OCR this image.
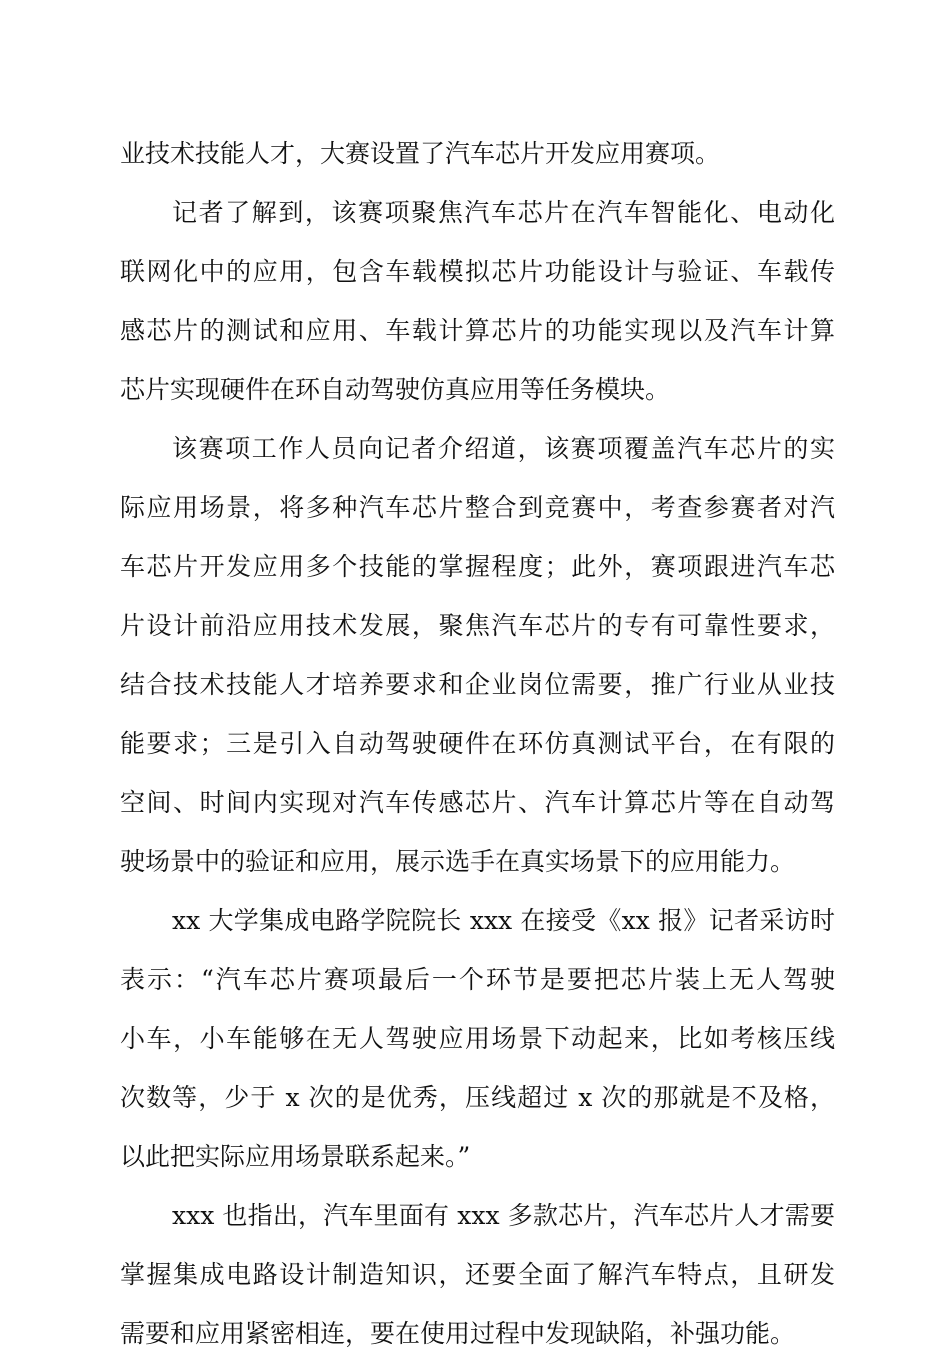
业技术技能人才，大赛设置了汽车芯片开发应用赛项。
记者了解到，该赛项聚焦汽车芯片在汽车智能化、电动化
联网化中的应用，包含车载模拟芯片功能设计与验证、车载传
感芯片的测试和应用、车载计算芯片的功能实现以及汽车计算
芯片实现硬件在环自动驾驶仿真应用等任务模块。
该赛项工作人员向记者介绍道，该赛项覆盖汽车芯片的实
际应用场景，将多种汽车芯片整合到竞赛中，考查参赛者对汽
车芯片开发应用多个技能的掌握程度；此外，赛项跟进汽车芯
片设计前沿应用技术发展，聚焦汽车芯片的专有可靠性要求，
结合技术技能人才培养要求和企业岗位需要，推广行业从业技
能要求；三是引入自动驾驶硬件在环仿真测试平台，在有限的
空间、时间内实现对汽车传感芯片、汽车计算芯片等在自动驾
驶场景中的验证和应用，展示选手在真实场景下的应用能力。
xx 大学集成电路学院院长 xxx 在接受《xx 报》记者采访时
表示：“汽车芯片赛项最后一个环节是要把芯片装上无人驾驶
小车，小车能够在无人驾驶应用场景下动起来，比如考核压线
次数等，少于 x 次的是优秀，压线超过 x 次的那就是不及格，
以此把实际应用场景联系起来。”
xxx 也指出，汽车里面有 xxx 多款芯片，汽车芯片人才需要
掌握集成电路设计制造知识，还要全面了解汽车特点，且研发
需要和应用紧密相连，要在使用过程中发现缺陷，补强功能。
